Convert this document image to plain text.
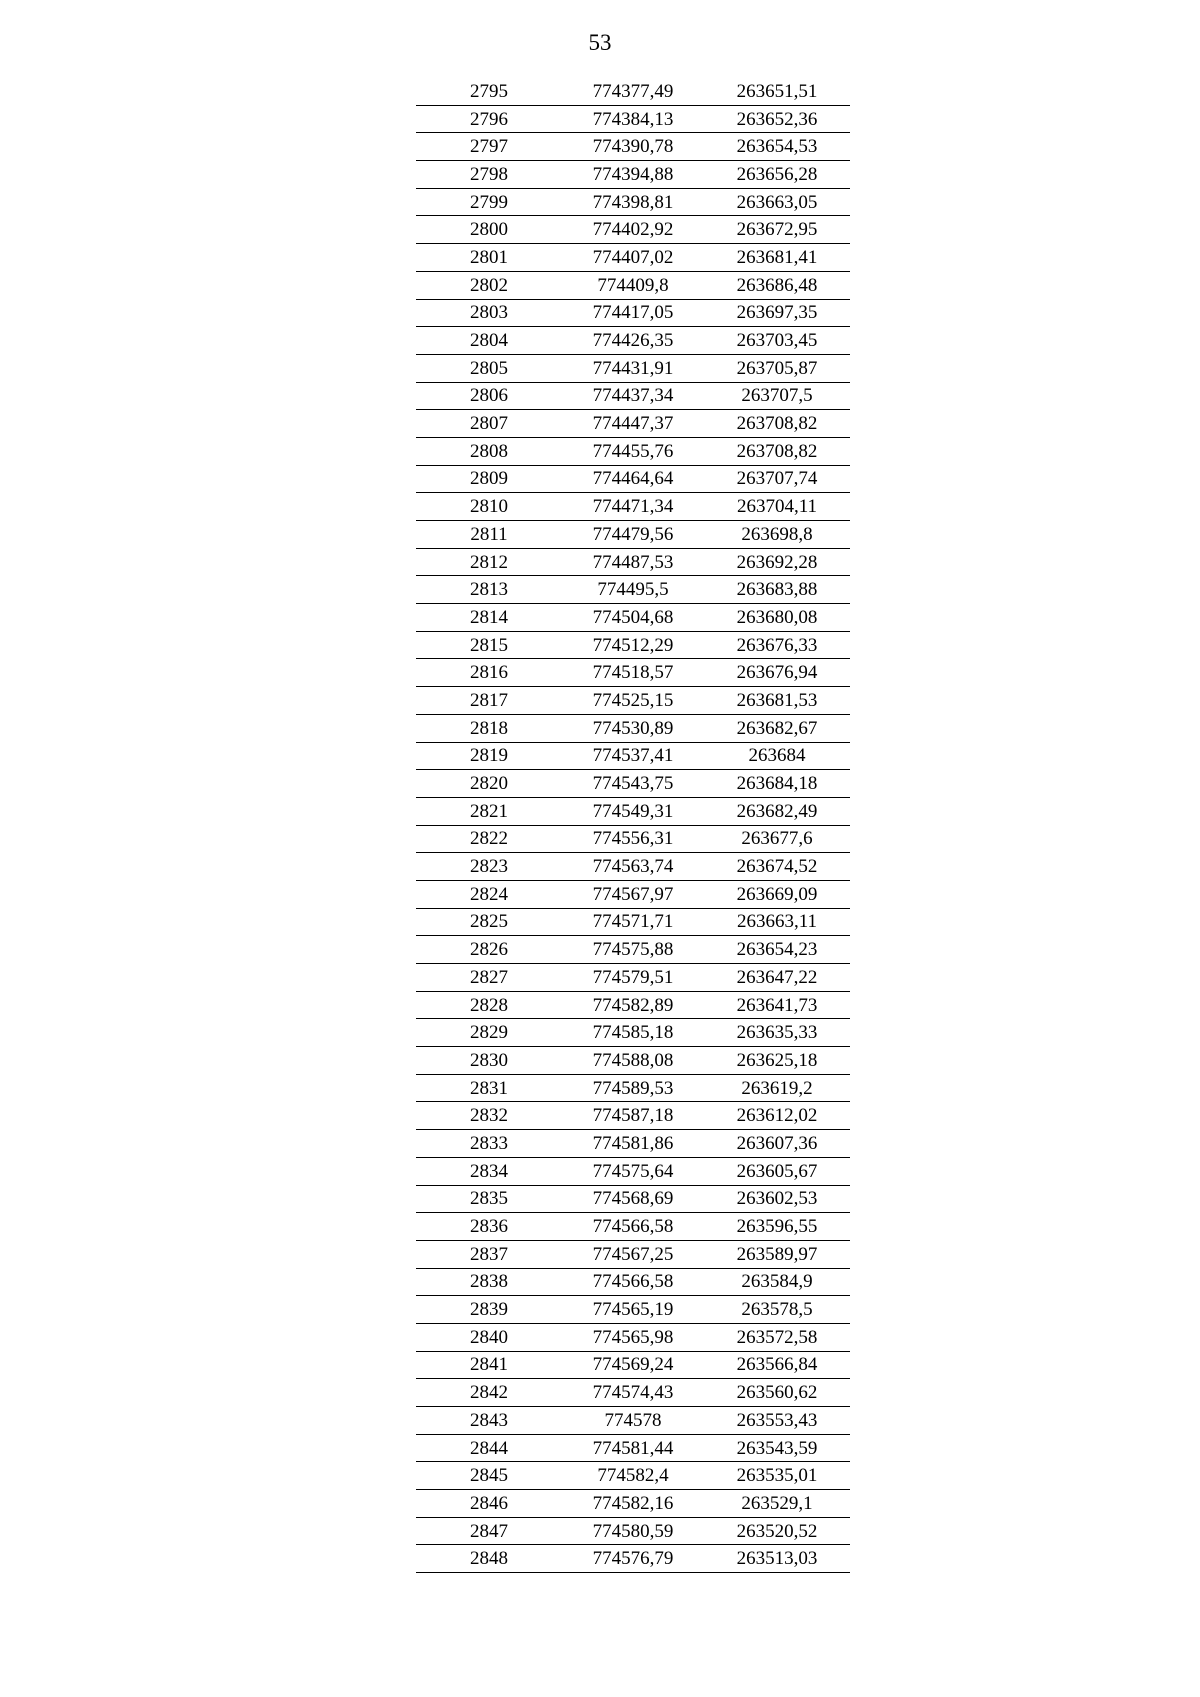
53
2795	774377,49	263651,51
2796	774384,13	263652,36
2797	774390,78	263654,53
2798	774394,88	263656,28
2799	774398,81	263663,05
2800	774402,92	263672,95
2801	774407,02	263681,41
2802	774409,8	263686,48
2803	774417,05	263697,35
2804	774426,35	263703,45
2805	774431,91	263705,87
2806	774437,34	263707,5
2807	774447,37	263708,82
2808	774455,76	263708,82
2809	774464,64	263707,74
2810	774471,34	263704,11
2811	774479,56	263698,8
2812	774487,53	263692,28
2813	774495,5	263683,88
2814	774504,68	263680,08
2815	774512,29	263676,33
2816	774518,57	263676,94
2817	774525,15	263681,53
2818	774530,89	263682,67
2819	774537,41	263684
2820	774543,75	263684,18
2821	774549,31	263682,49
2822	774556,31	263677,6
2823	774563,74	263674,52
2824	774567,97	263669,09
2825	774571,71	263663,11
2826	774575,88	263654,23
2827	774579,51	263647,22
2828	774582,89	263641,73
2829	774585,18	263635,33
2830	774588,08	263625,18
2831	774589,53	263619,2
2832	774587,18	263612,02
2833	774581,86	263607,36
2834	774575,64	263605,67
2835	774568,69	263602,53
2836	774566,58	263596,55
2837	774567,25	263589,97
2838	774566,58	263584,9
2839	774565,19	263578,5
2840	774565,98	263572,58
2841	774569,24	263566,84
2842	774574,43	263560,62
2843	774578	263553,43
2844	774581,44	263543,59
2845	774582,4	263535,01
2846	774582,16	263529,1
2847	774580,59	263520,52
2848	774576,79	263513,03
